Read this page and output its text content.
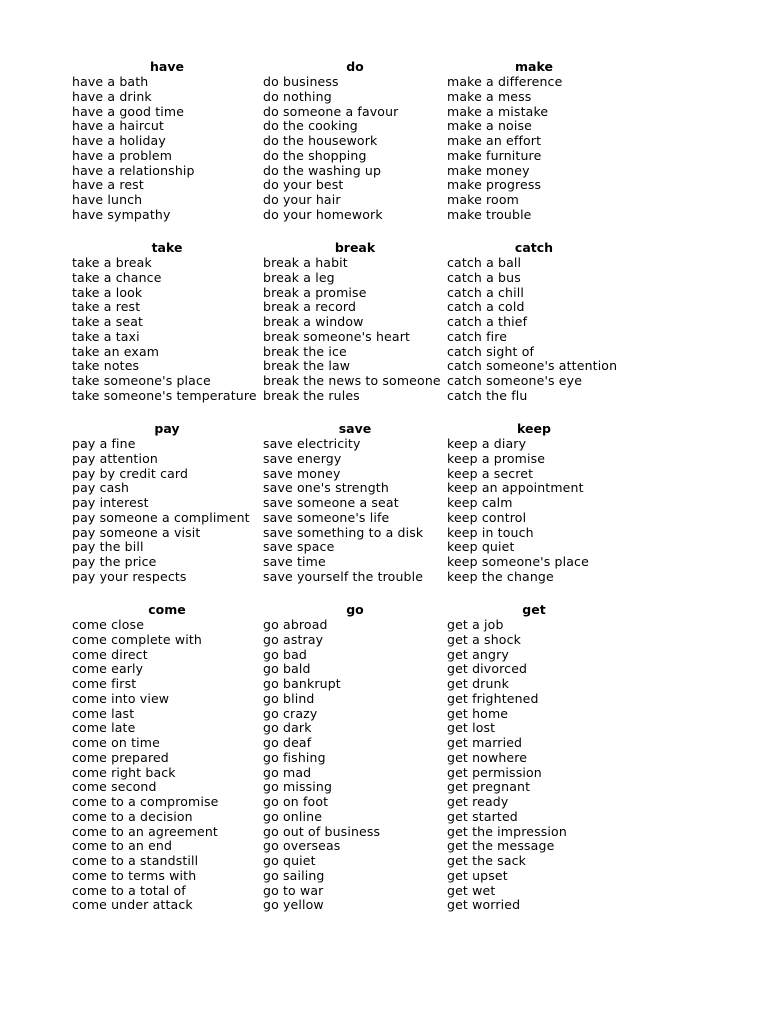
have
have a bath
have a drink
have a good time
have a haircut
have a holiday
have a problem
have a relationship
have a rest
have lunch
have sympathy
do
do business
do nothing
do someone a favour
do the cooking
do the housework
do the shopping
do the washing up
do your best
do your hair
do your homework
make
make a difference
make a mess
make a mistake
make a noise
make an effort
make furniture
make money
make progress
make room
make trouble
take
take a break
take a chance
take a look
take a rest
take a seat
take a taxi
take an exam
take notes
take someone's place
take someone's temperature
break
break a habit
break a leg
break a promise
break a record
break a window
break someone's heart
break the ice
break the law
break the news to someone
break the rules
catch
catch a ball
catch a bus
catch a chill
catch a cold
catch a thief
catch fire
catch sight of
catch someone's attention
catch someone's eye
catch the flu
pay
pay a fine
pay attention
pay by credit card
pay cash
pay interest
pay someone a compliment
pay someone a visit
pay the bill
pay the price
pay your respects
save
save electricity
save energy
save money
save one's strength
save someone a seat
save someone's life
save something to a disk
save space
save time
save yourself the trouble
keep
keep a diary
keep a promise
keep a secret
keep an appointment
keep calm
keep control
keep in touch
keep quiet
keep someone's place
keep the change
come
come close
come complete with
come direct
come early
come first
come into view
come last
come late
come on time
come prepared
come right back
come second
come to a compromise
come to a decision
come to an agreement
come to an end
come to a standstill
come to terms with
come to a total of
come under attack
go
go abroad
go astray
go bad
go bald
go bankrupt
go blind
go crazy
go dark
go deaf
go fishing
go mad
go missing
go on foot
go online
go out of business
go overseas
go quiet
go sailing
go to war
go yellow
get
get a job
get a shock
get angry
get divorced
get drunk
get frightened
get home
get lost
get married
get nowhere
get permission
get pregnant
get ready
get started
get the impression
get the message
get the sack
get upset
get wet
get worried
